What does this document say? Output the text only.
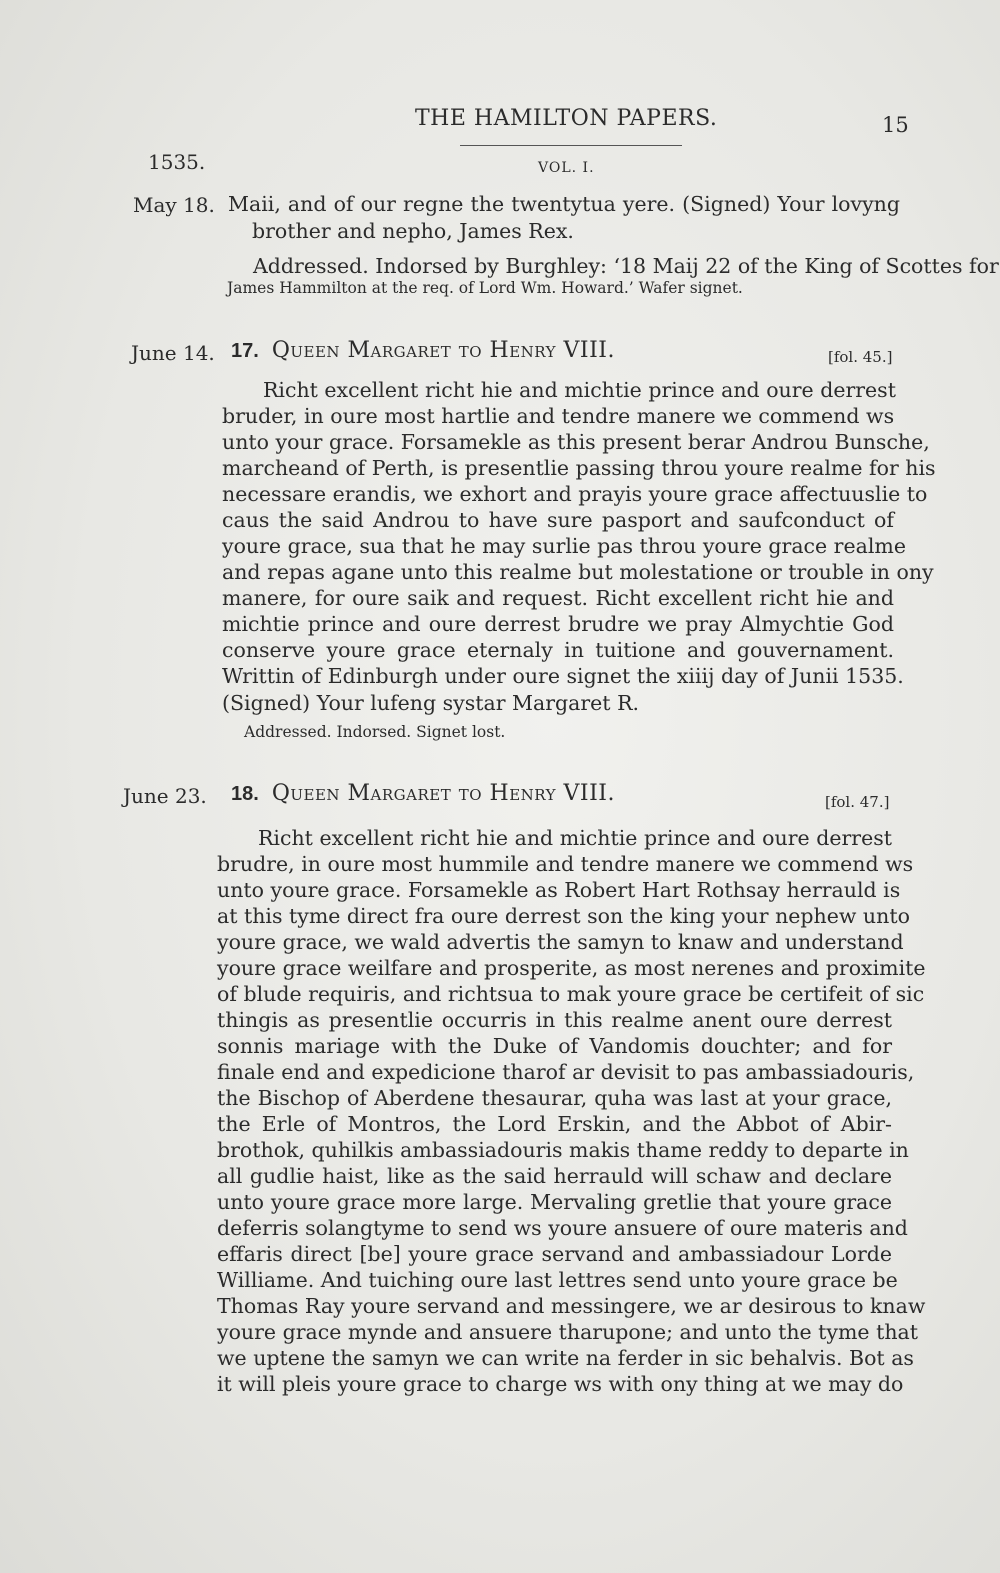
THE HAMILTON PAPERS.	15
1535.	VOL. I.
May 18. Maii, and of our regne the twentytua yere. (Signed) Your lovyng
brother and nepho, James Rex.
Addressed. Indorsed by Burghley: ‘18 Maij 22 of the King of Scottes for
James Hammilton at the req. of Lord Wm. Howard.’ Wafer signet.
June 14. 17. Queen Margaret to Henry VIII.	[fol. 45.]
Richt excellent richt hie and michtie prince and oure derrest
bruder, in oure most hartlie and tendre manere we commend ws
unto your grace. Forsamekle as this present berar Androu Bunsche,
marcheand of Perth, is presentlie passing throu youre realme for his
necessare erandis, we exhort and prayis youre grace affectuuslie to
caus the said Androu to have sure pasport and saufconduct of
youre grace, sua that he may surlie pas throu youre grace realme
and repas agane unto this realme but molestatione or trouble in ony
manere, for oure saik and request. Richt excellent richt hie and
michtie prince and oure derrest brudre we pray Almychtie God
conserve youre grace eternaly in tuitione and gouvernament.
Writtin of Edinburgh under oure signet the xiiij day of Junii 1535.
(Signed) Your lufeng systar Margaret R.
Addressed. Indorsed. Signet lost.
June 23. 18. Queen Margaret to Henry VIII.	[fol. 47.]
Richt excellent richt hie and michtie prince and oure derrest
brudre, in oure most hummile and tendre manere we commend ws
unto youre grace. Forsamekle as Robert Hart Rothsay herrauld is
at this tyme direct fra oure derrest son the king your nephew unto
youre grace, we wald advertis the samyn to knaw and understand
youre grace weilfare and prosperite, as most nerenes and proximite
of blude requiris, and richtsua to mak youre grace be certifeit of sic
thingis as presentlie occurris in this realme anent oure derrest
sonnis mariage with the Duke of Vandomis douchter; and for
finale end and expedicione tharof ar devisit to pas ambassiadouris,
the Bischop of Aberdene thesaurar, quha was last at your grace,
the Erle of Montros, the Lord Erskin, and the Abbot of Abir-
brothok, quhilkis ambassiadouris makis thame reddy to departe in
all gudlie haist, like as the said herrauld will schaw and declare
unto youre grace more large. Mervaling gretlie that youre grace
deferris solangtyme to send ws youre ansuere of oure materis and
effaris direct [be] youre grace servand and ambassiadour Lorde
Williame. And tuiching oure last lettres send unto youre grace be
Thomas Ray youre servand and messingere, we ar desirous to knaw
youre grace mynde and ansuere tharupone; and unto the tyme that
we uptene the samyn we can write na ferder in sic behalvis. Bot as
it will pleis youre grace to charge ws with ony thing at we may do
